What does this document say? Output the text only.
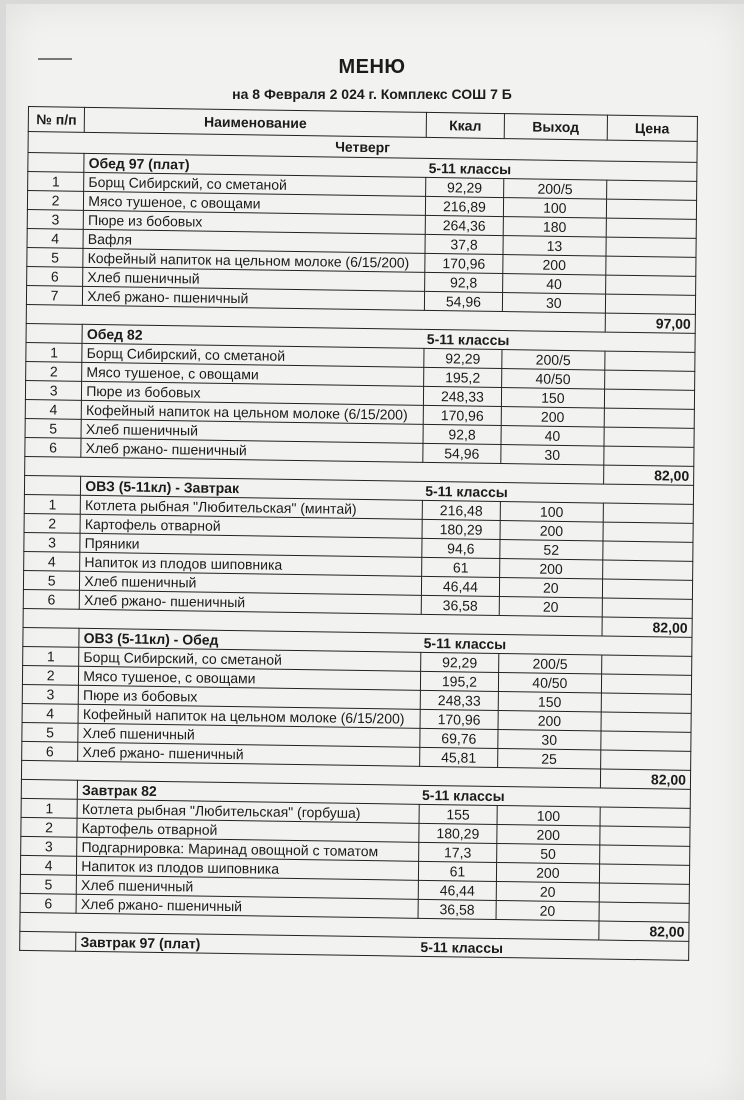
МЕНЮ
на 8 Февраля 2 024 г. Комплекс СОШ 7 Б
№ п/п	Наименование	Ккал	Выход	Цена
Четверг				
	Обед 97 (плат) 5-11 классы			
1	Борщ Сибирский, со сметаной	92,29	200/5	
2	Мясо тушеное, с овощами	216,89	100	
3	Пюре из бобовых	264,36	180	
4	Вафля	37,8	13	
5	Кофейный напиток на цельном молоке (6/15/200)	170,96	200	
6	Хлеб пшеничный	92,8	40	
7	Хлеб ржано- пшеничный	54,96	30	
				97,00
	Обед 82 5-11 классы			
1	Борщ Сибирский, со сметаной	92,29	200/5	
2	Мясо тушеное, с овощами	195,2	40/50	
3	Пюре из бобовых	248,33	150	
4	Кофейный напиток на цельном молоке (6/15/200)	170,96	200	
5	Хлеб пшеничный	92,8	40	
6	Хлеб ржано- пшеничный	54,96	30	
				82,00
	ОВЗ (5-11кл) - Завтрак 5-11 классы			
1	Котлета рыбная "Любительская" (минтай)	216,48	100	
2	Картофель отварной	180,29	200	
3	Пряники	94,6	52	
4	Напиток из плодов шиповника	61	200	
5	Хлеб пшеничный	46,44	20	
6	Хлеб ржано- пшеничный	36,58	20	
				82,00
	ОВЗ (5-11кл) - Обед 5-11 классы			
1	Борщ Сибирский, со сметаной	92,29	200/5	
2	Мясо тушеное, с овощами	195,2	40/50	
3	Пюре из бобовых	248,33	150	
4	Кофейный напиток на цельном молоке (6/15/200)	170,96	200	
5	Хлеб пшеничный	69,76	30	
6	Хлеб ржано- пшеничный	45,81	25	
				82,00
	Завтрак 82 5-11 классы			
1	Котлета рыбная "Любительская" (горбуша)	155	100	
2	Картофель отварной	180,29	200	
3	Подгарнировка: Маринад овощной с томатом	17,3	50	
4	Напиток из плодов шиповника	61	200	
5	Хлеб пшеничный	46,44	20	
6	Хлеб ржано- пшеничный	36,58	20	
				82,00
	Завтрак 97 (плат) 5-11 классы			
